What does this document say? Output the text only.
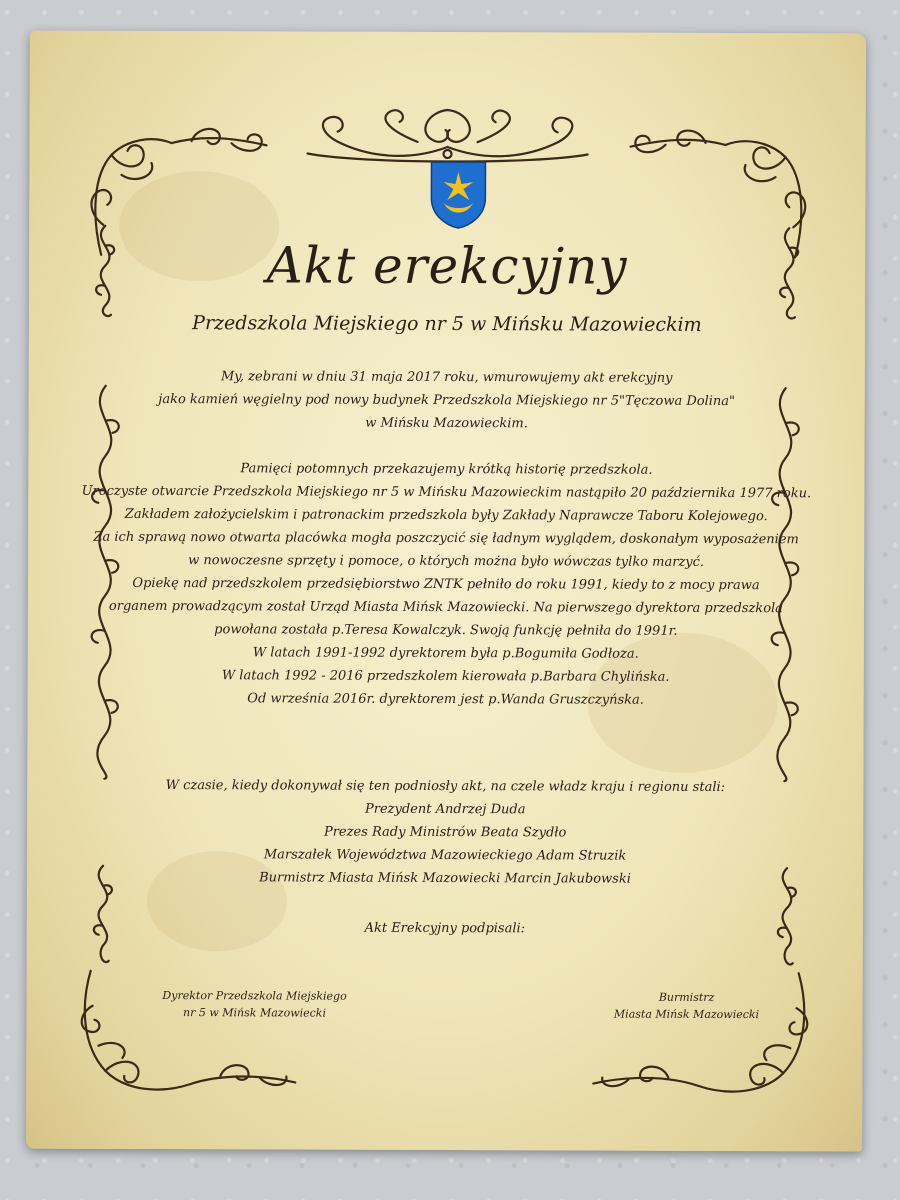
Akt erekcyjny
Przedszkola Miejskiego nr 5 w Mińsku Mazowieckim
My, zebrani w dniu 31 maja 2017 roku, wmurowujemy akt erekcyjny
jako kamień węgielny pod nowy budynek Przedszkola Miejskiego nr 5"Tęczowa Dolina"
w Mińsku Mazowieckim.
Pamięci potomnych przekazujemy krótką historię przedszkola.
Uroczyste otwarcie Przedszkola Miejskiego nr 5 w Mińsku Mazowieckim nastąpiło 20 października 1977 roku.
Zakładem założycielskim i patronackim przedszkola były Zakłady Naprawcze Taboru Kolejowego.
Za ich sprawą nowo otwarta placówka mogła poszczycić się ładnym wyglądem, doskonałym wyposażeniem
w nowoczesne sprzęty i pomoce, o których można było wówczas tylko marzyć.
Opiekę nad przedszkolem przedsiębiorstwo ZNTK pełniło do roku 1991, kiedy to z mocy prawa
organem prowadzącym został Urząd Miasta Mińsk Mazowiecki. Na pierwszego dyrektora przedszkola
powołana została p.Teresa Kowalczyk. Swoją funkcję pełniła do 1991r.
W latach 1991-1992 dyrektorem była p.Bogumiła Godłoza.
W latach 1992 - 2016 przedszkolem kierowała p.Barbara Chylińska.
Od września 2016r. dyrektorem jest p.Wanda Gruszczyńska.
W czasie, kiedy dokonywał się ten podniosły akt, na czele władz kraju i regionu stali:
Prezydent Andrzej Duda
Prezes Rady Ministrów Beata Szydło
Marszałek Województwa Mazowieckiego Adam Struzik
Burmistrz Miasta Mińsk Mazowiecki Marcin Jakubowski
Akt Erekcyjny podpisali:
Dyrektor Przedszkola Miejskiego
nr 5 w Mińsk Mazowiecki
Burmistrz
Miasta Mińsk Mazowiecki
